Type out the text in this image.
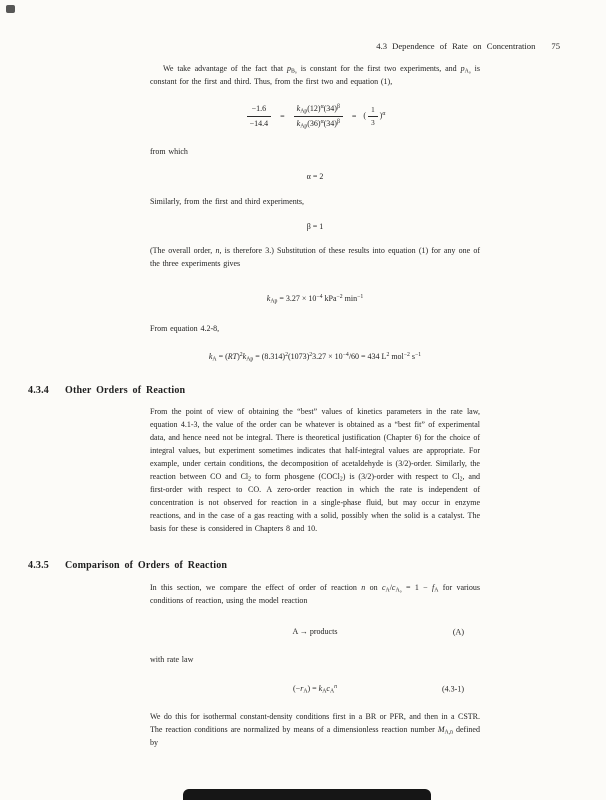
4.3 Dependence of Rate on Concentration 75

We take advantage of the fact that $p_{B_0}$ is constant for the first two experiments, and $p_{A_0}$ is constant for the first and third. Thus, from the first two and equation (1),

$\frac{-1.6}{-14.4} = \frac{k_{Ap}(12)^\alpha(34)^\beta}{k_{Ap}(36)^\alpha(34)^\beta}$ = ( $\frac{1}{3} )^\alpha$

from which

α = 2

Similarly, from the first and third experiments,

β = 1

(The overall order, n, is therefore 3.) Substitution of these results into equation (1) for any one of the three experiments gives

$k_{Ap} = 3.27 \times 10^{-4}$ kPa$^{-2}$ $\min^{-1}$

From equation 4.2-8,

$k_A = (RT)^2k_{Ap} = (8.314)^2(1073)^23.27 \times 10^{-4}/60 = 434$ $L^2$ mol$^{-2}$ $s^{-1}$
4.3.4	Other Orders of Reaction

From the point of view of obtaining the “best” values of kinetics parameters in the rate law, equation 4.1-3, the value of the order can be whatever is obtained as a “best fit” of experimental data, and hence need not be integral. There is theoretical justification (Chapter 6) for the choice of integral values, but experiment sometimes indicates that half-integral values are appropriate. For example, under certain conditions, the decomposition of acetaldehyde is (3/2)-order. Similarly, the reaction between CO and $Cl_2$ to form phosgene (COCl$_2$) is (3/2)-order with respect to $Cl_2$, and first-order with respect to CO. A zero-order reaction in which the rate is independent of concentration is not observed for reaction in a single-phase fluid, but may occur in enzyme reactions, and in the case of a gas reacting with a solid, possibly when the solid is a catalyst. The basis for these is considered in Chapters 8 and 10.

4.3.5	Comparison of Orders of Reaction

In this section, we compare the effect of order of reaction n on $c_A/c_{A_0} = 1 - f_A$ for various conditions of reaction, using the model reaction

A → products	(A)

with rate law

$(-r_A) = k_Ac_A^n$	(4.3-1)

We do this for isothermal constant-density conditions first in a BR or PFR, and then in a CSTR. The reaction conditions are normalized by means of a dimensionless reaction number $M_{A,n}$ defined by
